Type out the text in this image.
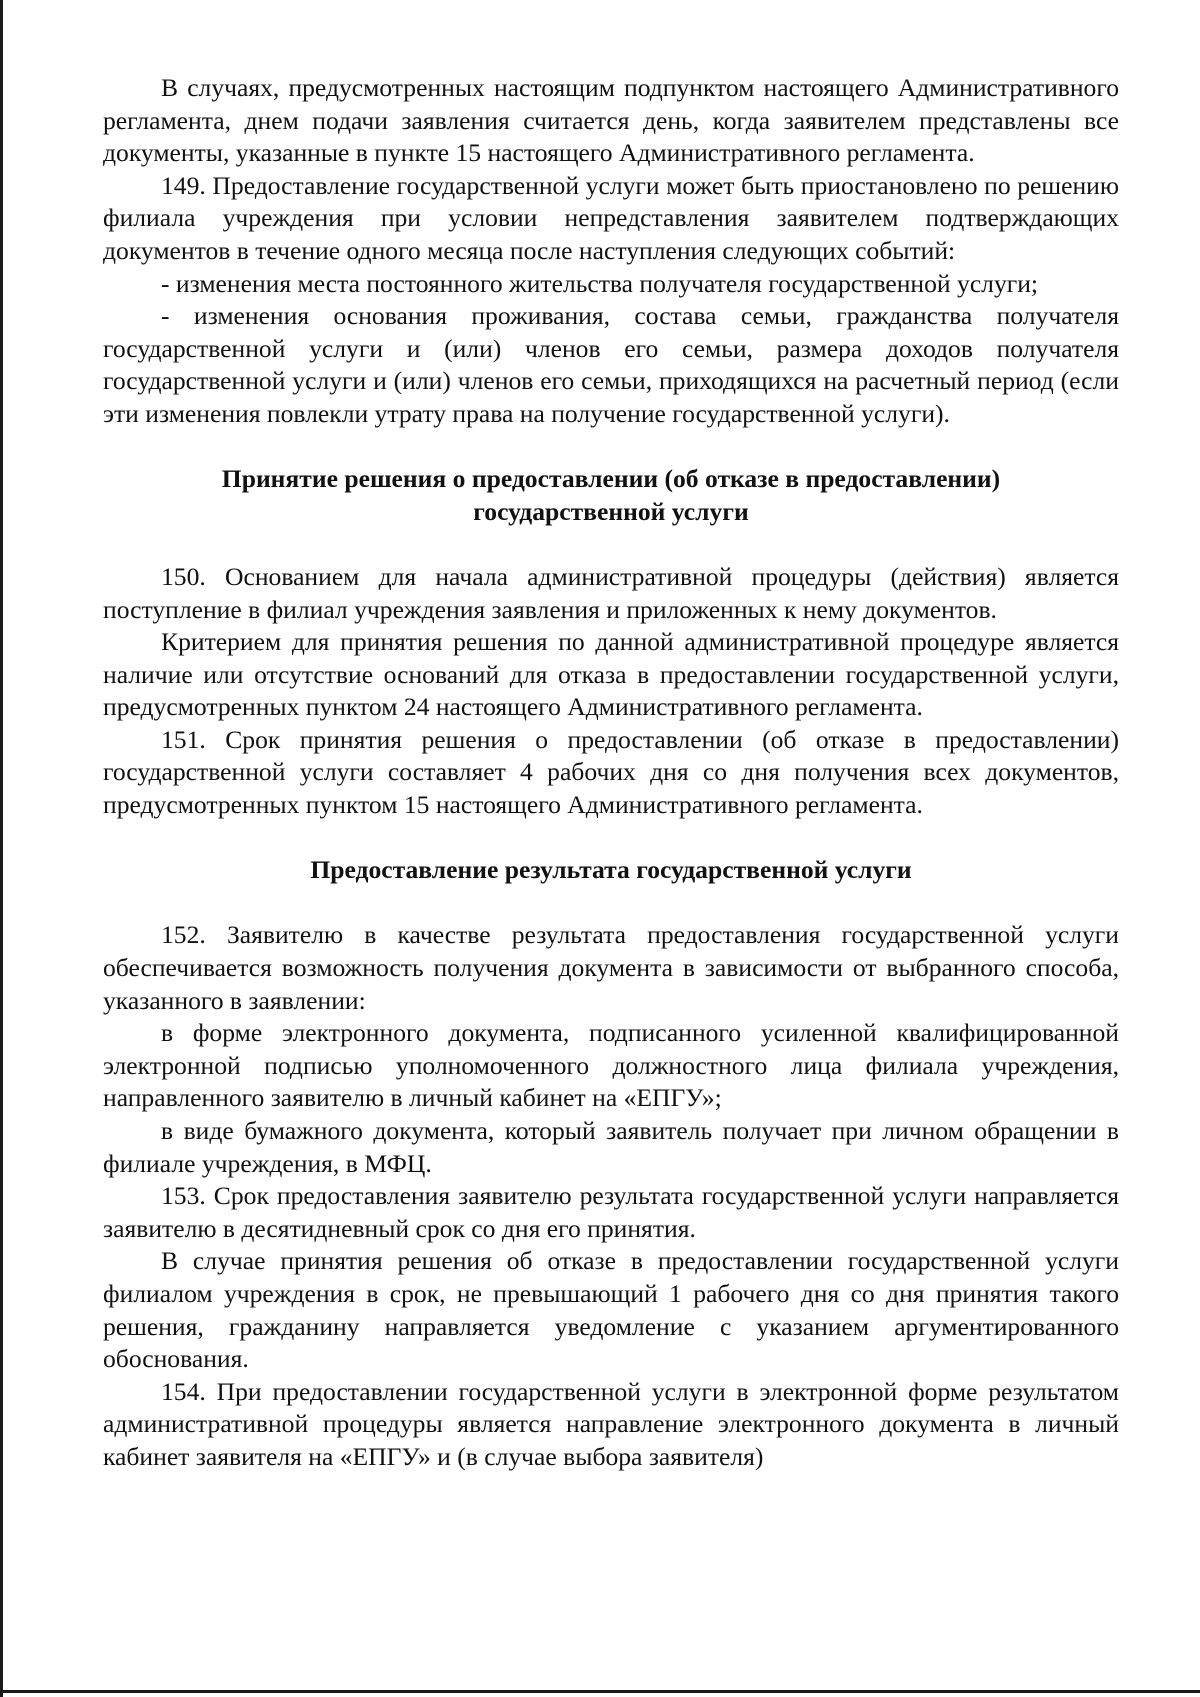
В случаях, предусмотренных настоящим подпунктом настоящего Административного регламента, днем подачи заявления считается день, когда заявителем представлены все документы, указанные в пункте 15 настоящего Административного регламента.

149. Предоставление государственной услуги может быть приостановлено по решению филиала учреждения при условии непредставления заявителем подтверждающих документов в течение одного месяца после наступления следующих событий:

- изменения места постоянного жительства получателя государственной услуги;

- изменения основания проживания, состава семьи, гражданства получателя государственной услуги и (или) членов его семьи, размера доходов получателя государственной услуги и (или) членов его семьи, приходящихся на расчетный период (если эти изменения повлекли утрату права на получение государственной услуги).

Принятие решения о предоставлении (об отказе в предоставлении)
государственной услуги

150. Основанием для начала административной процедуры (действия) является поступление в филиал учреждения заявления и приложенных к нему документов.

Критерием для принятия решения по данной административной процедуре является наличие или отсутствие оснований для отказа в предоставлении государственной услуги, предусмотренных пунктом 24 настоящего Административного регламента.

151. Срок принятия решения о предоставлении (об отказе в предоставлении) государственной услуги составляет 4 рабочих дня со дня получения всех документов, предусмотренных пунктом 15 настоящего Административного регламента.

Предоставление результата государственной услуги

152. Заявителю в качестве результата предоставления государственной услуги обеспечивается возможность получения документа в зависимости от выбранного способа, указанного в заявлении:

в форме электронного документа, подписанного усиленной квалифицированной электронной подписью уполномоченного должностного лица филиала учреждения, направленного заявителю в личный кабинет на «ЕПГУ»;

в виде бумажного документа, который заявитель получает при личном обращении в филиале учреждения, в МФЦ.

153. Срок предоставления заявителю результата государственной услуги направляется заявителю в десятидневный срок со дня его принятия.

В случае принятия решения об отказе в предоставлении государственной услуги филиалом учреждения в срок, не превышающий 1 рабочего дня со дня принятия такого решения, гражданину направляется уведомление с указанием аргументированного обоснования.

154. При предоставлении государственной услуги в электронной форме результатом административной процедуры является направление электронного документа в личный кабинет заявителя на «ЕПГУ» и (в случае выбора заявителя)
